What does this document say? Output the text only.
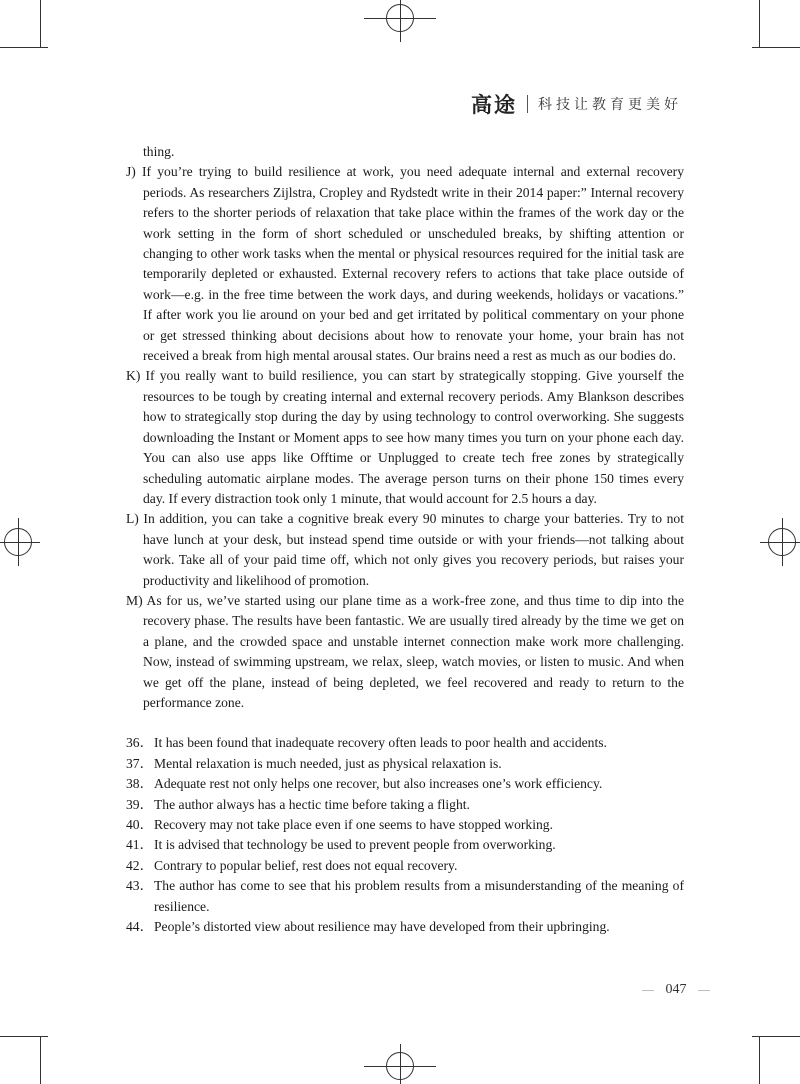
高途 科技让教育更美好
thing.
J) If you’re trying to build resilience at work, you need adequate internal and external recovery periods. As researchers Zijlstra, Cropley and Rydstedt write in their 2014 paper:” Internal recovery refers to the shorter periods of relaxation that take place within the frames of the work day or the work setting in the form of short scheduled or unscheduled breaks, by shifting attention or changing to other work tasks when the mental or physical resources required for the initial task are temporarily depleted or exhausted. External recovery refers to actions that take place outside of work—e.g. in the free time between the work days, and during weekends, holidays or vacations.” If after work you lie around on your bed and get irritated by political commentary on your phone or get stressed thinking about decisions about how to renovate your home, your brain has not received a break from high mental arousal states. Our brains need a rest as much as our bodies do.
K) If you really want to build resilience, you can start by strategically stopping. Give yourself the resources to be tough by creating internal and external recovery periods. Amy Blankson describes how to strategically stop during the day by using technology to control overworking. She suggests downloading the Instant or Moment apps to see how many times you turn on your phone each day. You can also use apps like Offtime or Unplugged to create tech free zones by strategically scheduling automatic airplane modes. The average person turns on their phone 150 times every day. If every distraction took only 1 minute, that would account for 2.5 hours a day.
L) In addition, you can take a cognitive break every 90 minutes to charge your batteries. Try to not have lunch at your desk, but instead spend time outside or with your friends—not talking about work. Take all of your paid time off, which not only gives you recovery periods, but raises your productivity and likelihood of promotion.
M) As for us, we’ve started using our plane time as a work-free zone, and thus time to dip into the recovery phase. The results have been fantastic. We are usually tired already by the time we get on a plane, and the crowded space and unstable internet connection make work more challenging. Now, instead of swimming upstream, we relax, sleep, watch movies, or listen to music. And when we get off the plane, instead of being depleted, we feel recovered and ready to return to the performance zone.
36． It has been found that inadequate recovery often leads to poor health and accidents.
37． Mental relaxation is much needed, just as physical relaxation is.
38． Adequate rest not only helps one recover, but also increases one’s work efficiency.
39． The author always has a hectic time before taking a flight.
40． Recovery may not take place even if one seems to have stopped working.
41． It is advised that technology be used to prevent people from overworking.
42． Contrary to popular belief, rest does not equal recovery.
43． The author has come to see that his problem results from a misunderstanding of the meaning of resilience.
44． People’s distorted view about resilience may have developed from their upbringing.
047
